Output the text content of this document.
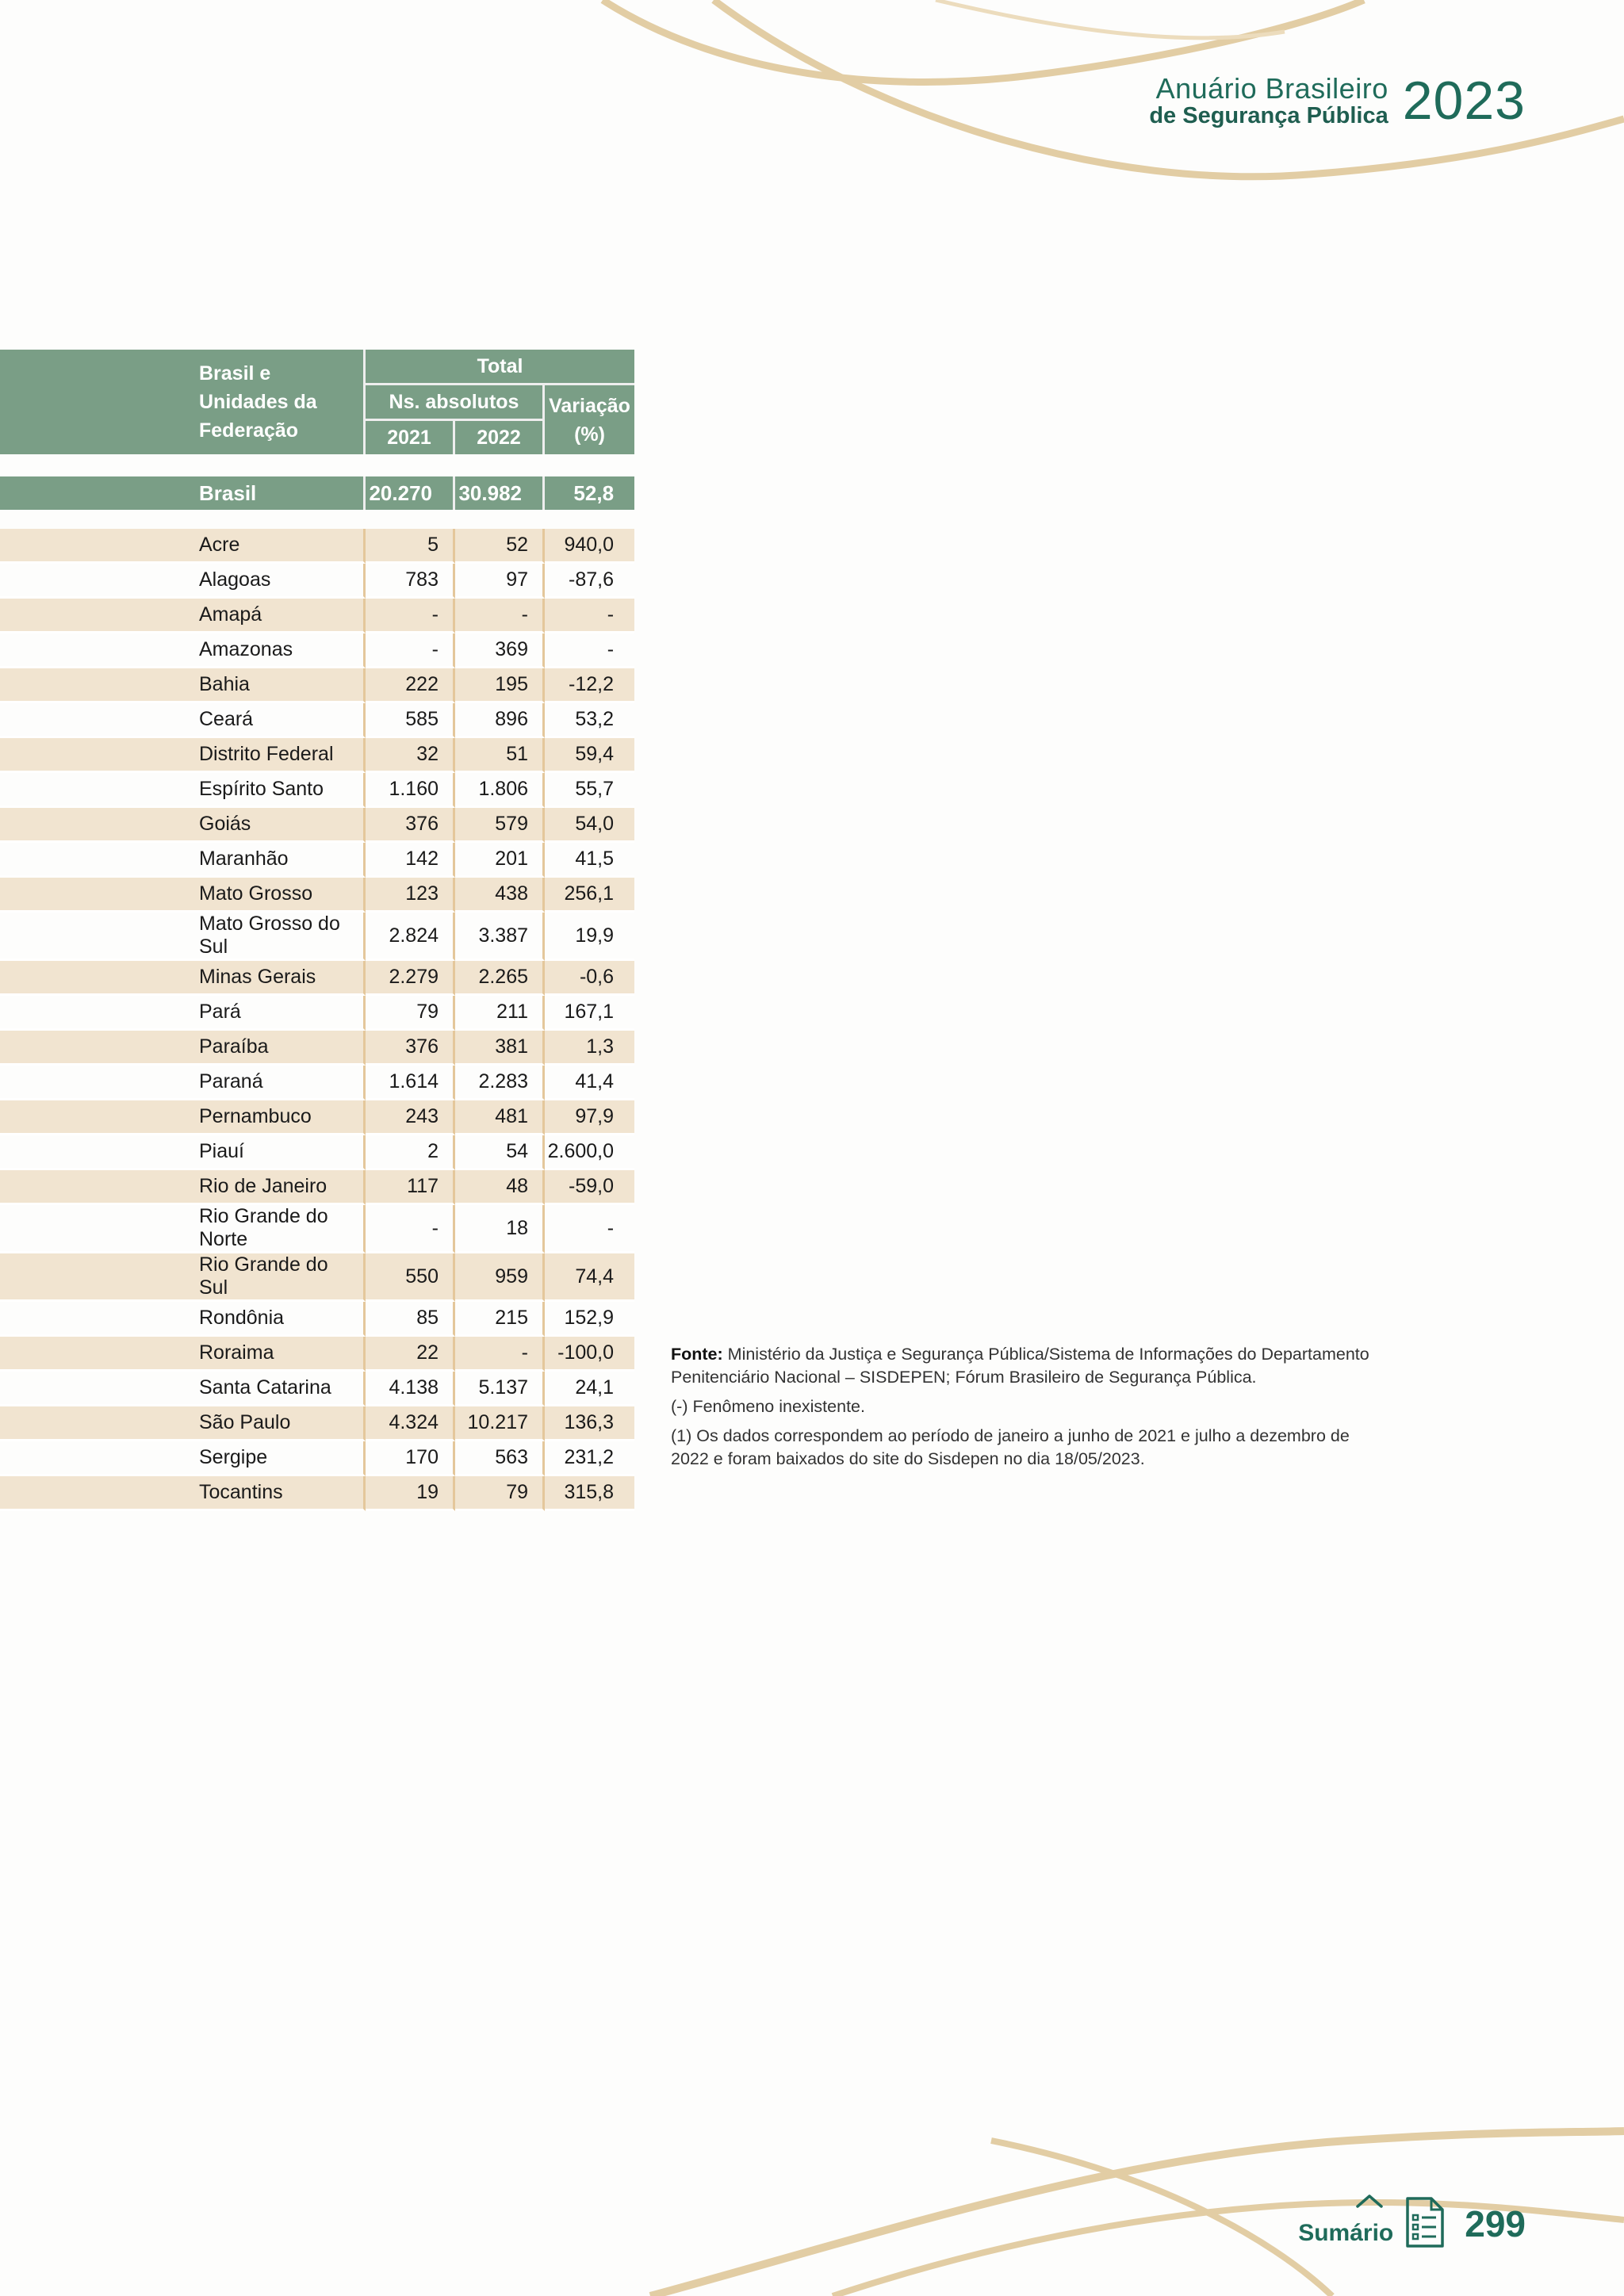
Anuário Brasileiro
de Segurança Pública 2023
Brasil e Unidades da Federação	Total		
	Ns. absolutos		Variação (%)
	2021	2022	

Brasil	20.270	30.982	52,8

Acre	5	52	940,0
Alagoas	783	97	-87,6
Amapá	-	-	-
Amazonas	-	369	-
Bahia	222	195	-12,2
Ceará	585	896	53,2
Distrito Federal	32	51	59,4
Espírito Santo	1.160	1.806	55,7
Goiás	376	579	54,0
Maranhão	142	201	41,5
Mato Grosso	123	438	256,1
Mato Grosso do Sul	2.824	3.387	19,9
Minas Gerais	2.279	2.265	-0,6
Pará	79	211	167,1
Paraíba	376	381	1,3
Paraná	1.614	2.283	41,4
Pernambuco	243	481	97,9
Piauí	2	54	2.600,0
Rio de Janeiro	117	48	-59,0
Rio Grande do Norte	-	18	-
Rio Grande do Sul	550	959	74,4
Rondônia	85	215	152,9
Roraima	22	-	-100,0
Santa Catarina	4.138	5.137	24,1
São Paulo	4.324	10.217	136,3
Sergipe	170	563	231,2
Tocantins	19	79	315,8

Fonte: Ministério da Justiça e Segurança Pública/Sistema de Informações do Departamento Penitenciário Nacional – SISDEPEN; Fórum Brasileiro de Segurança Pública.

(-) Fenômeno inexistente.

(1) Os dados correspondem ao período de janeiro a junho de 2021 e julho a dezembro de 2022 e foram baixados do site do Sisdepen no dia 18/05/2023.

Sumário 299
